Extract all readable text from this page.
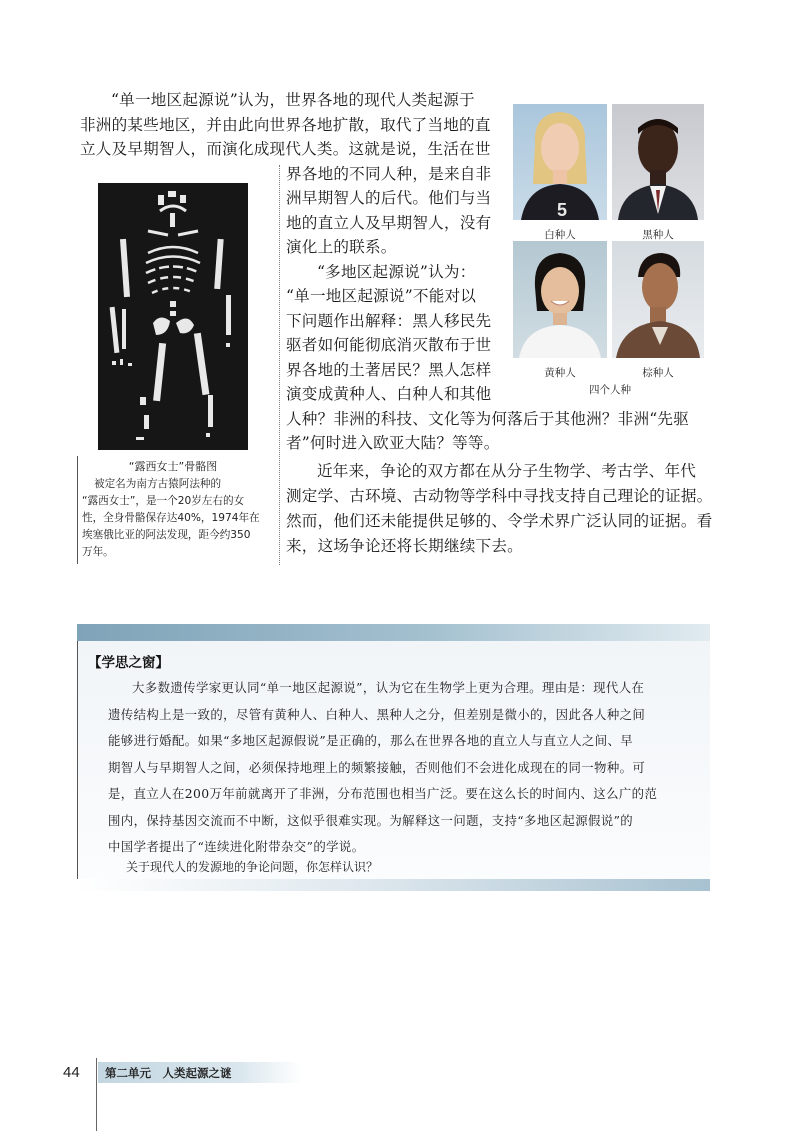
“单一地区起源说”认为，世界各地的现代人类起源于
非洲的某些地区，并由此向世界各地扩散，取代了当地的直
立人及早期智人，而演化成现代人类。这就是说，生活在世
界各地的不同人种，是来自非
洲早期智人的后代。他们与当
地的直立人及早期智人，没有
演化上的联系。
“多地区起源说”认为：
“单一地区起源说”不能对以
下问题作出解释：黑人移民先
驱者如何能彻底消灭散布于世
界各地的土著居民？黑人怎样
演变成黄种人、白种人和其他
人种？非洲的科技、文化等为何落后于其他洲？非洲“先驱
者”何时进入欧亚大陆？等等。
近年来，争论的双方都在从分子生物学、考古学、年代
测定学、古环境、古动物等学科中寻找支持自己理论的证据。
然而，他们还未能提供足够的、令学术界广泛认同的证据。看
来，这场争论还将长期继续下去。
“露西女士”骨骼图
被定名为南方古猿阿法种的
“露西女士”，是一个20岁左右的女
性，全身骨骼保存达40%，1974年在
埃塞俄比亚的阿法发现，距今约350
万年。
5
白种人	黑种人
黄种人	棕种人
四个人种
【学思之窗】
大多数遗传学家更认同“单一地区起源说”，认为它在生物学上更为合理。理由是：现代人在
遗传结构上是一致的，尽管有黄种人、白种人、黑种人之分，但差别是微小的，因此各人种之间
能够进行婚配。如果“多地区起源假说”是正确的，那么在世界各地的直立人与直立人之间、早
期智人与早期智人之间，必须保持地理上的频繁接触，否则他们不会进化成现在的同一物种。可
是，直立人在200万年前就离开了非洲，分布范围也相当广泛。要在这么长的时间内、这么广的范
围内，保持基因交流而不中断，这似乎很难实现。为解释这一问题，支持“多地区起源假说”的
中国学者提出了“连续进化附带杂交”的学说。
关于现代人的发源地的争论问题，你怎样认识？
44 第二单元　人类起源之谜
